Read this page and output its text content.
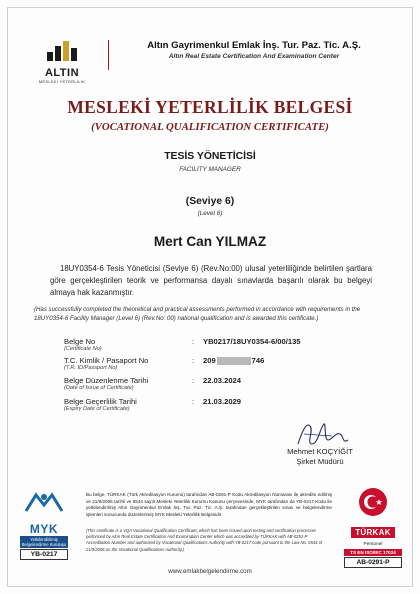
ALTIN
MESLEKİ YETERLİLİK
Altın Gayrimenkul Emlak İnş. Tur. Paz. Tic. A.Ş.
Altın Real Estate Certification And Examination Center
MESLEKİ YETERLİLİK BELGESİ
(VOCATIONAL QUALIFICATION CERTIFICATE)
TESİS YÖNETİCİSİ
FACILITY MANAGER
(Seviye 6)
(Level 6)
Mert Can YILMAZ
18UY0354-6 Tesis Yöneticisi (Seviye 6) (Rev.No:00) ulusal yeterliliğinde belirtilen şartlara göre gerçekleştirilen teorik ve performansa dayalı sınavlarda başarılı olarak bu belgeyi almaya hak kazanmıştır.
(Has successfully completed the theoretical and practical assessments performed in accordance with requirements in the 18UY0354-6 Facility Manager (Level 6) (Rev.No: 00) national qualification and is awarded this certificate.)
Belge No
(Certificate No)
: YB0217/18UY0354-6/00/135
T.C. Kimlik / Pasaport No
(T.R. ID/Passport No)
: 209	746
Belge Düzenlenme Tarihi
(Date of Issue of Certificate)
: 22.03.2024
Belge Geçerlilik Tarihi
(Expiry Date of Certificate)
: 21.03.2029
Mehmet KOÇYİĞİT
Şirket Müdürü
MYK
Yetkilendirilmiş Belgelendirme Kuruluşu
YB-0217
Bu belge, TÜRKAK (Türk Akreditasyon Kurumu) tarafından AB-0291-P Kodu Akreditasyon Numarası ile akredite edilmiş ve 21/9/2006 tarihli ve 5544 sayılı Mesleki Yeterlilik Kurumu Kanunu çerçevesinde, MYK tarafından da YB-0217 Kodu ile yetkilendirilmiş Altın Gayrimenkul Emlak İnş. Tur. Paz. Tic. A.Ş. tarafından gerçekleştirilen sınav ve belgelendirme işlemleri sonucunda düzenlenmiş MYK Mesleki Yeterlilik Belgesidir.
(This certificate is a VQA Vocational Qualification Certificate, which has been issued upon testing and certification processes performed by Altın Real Estate Certification And Examination Center which was accredited by TÜRKAK with AB-0291-P Accreditation Number and authorized by Vocational Qualifications Authority with YB-0217 code pursuant to the Law No. 5544 of 21/9/2006 on the Vocational Qualifications Authority.)
TÜRKAK
Personel
TS EN ISO/IEC 17024
AB-0291-P
www.emlakbelgelendirme.com
